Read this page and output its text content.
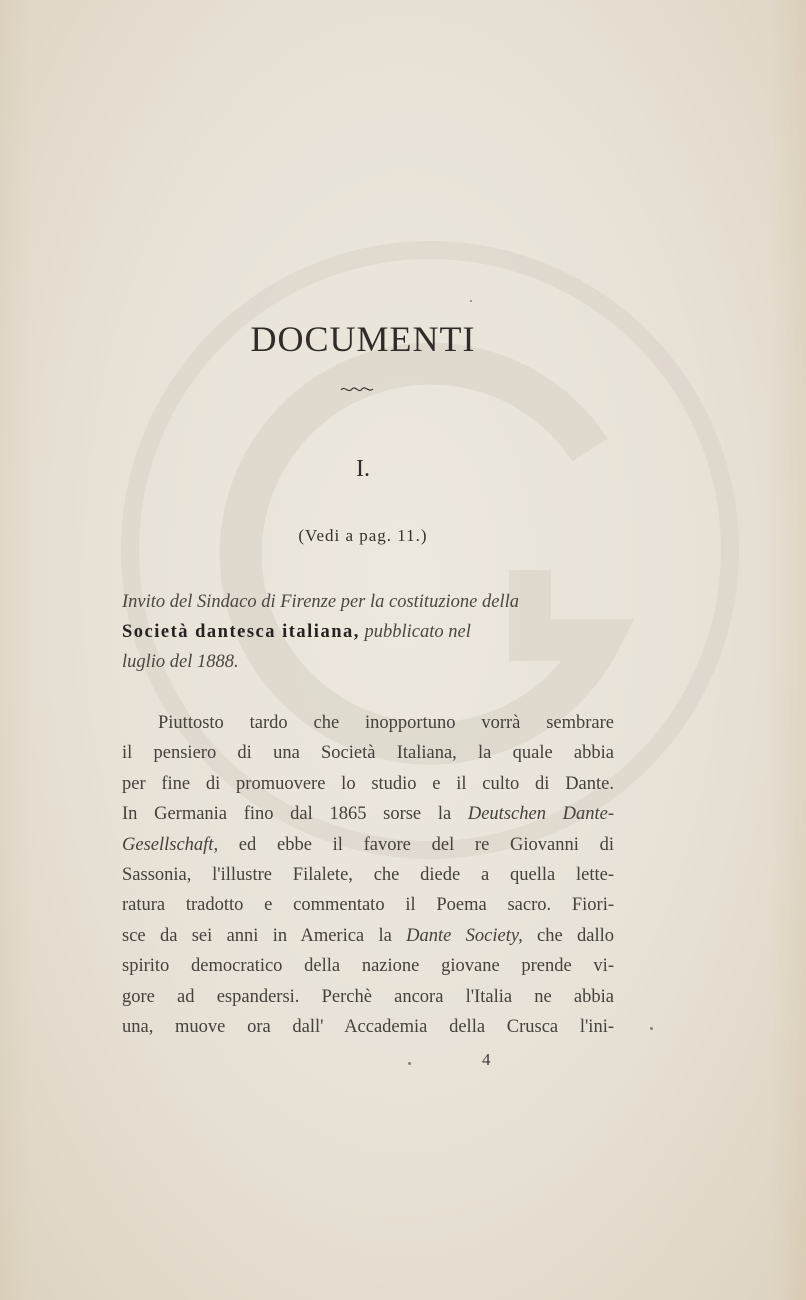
DOCUMENTI
I.
(Vedi a pag. 11.)
Invito del Sindaco di Firenze per la costituzione della
Società dantesca italiana, pubblicato nel
luglio del 1888.
Piuttosto tardo che inopportuno vorrà sembrare
il pensiero di una Società Italiana, la quale abbia
per fine di promuovere lo studio e il culto di Dante.
In Germania fino dal 1865 sorse la Deutschen Dante-
Gesellschaft, ed ebbe il favore del re Giovanni di
Sassonia, l'illustre Filalete, che diede a quella lette-
ratura tradotto e commentato il Poema sacro. Fiori-
sce da sei anni in America la Dante Society, che dallo
spirito democratico della nazione giovane prende vi-
gore ad espandersi. Perchè ancora l'Italia ne abbia
una, muove ora dall' Accademia della Crusca l'ini-
4
